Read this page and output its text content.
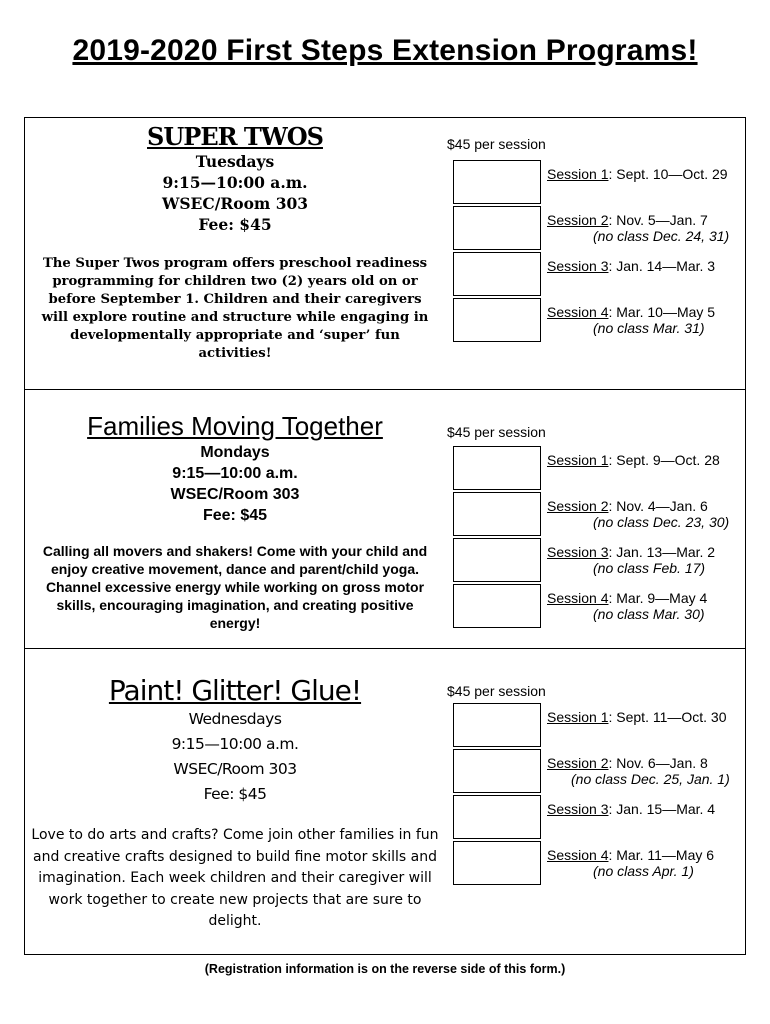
2019-2020 First Steps Extension Programs!
SUPER TWOS
Tuesdays
9:15—10:00 a.m.
WSEC/Room 303
Fee: $45
The Super Twos program offers preschool readiness programming for children two (2) years old on or before September 1. Children and their caregivers will explore routine and structure while engaging in developmentally appropriate and ‘super’ fun activities!
$45 per session
Session 1: Sept. 10—Oct. 29
Session 2: Nov. 5—Jan. 7
(no class Dec. 24, 31)
Session 3: Jan. 14—Mar. 3
Session 4: Mar. 10—May 5
(no class Mar. 31)
Families Moving Together
Mondays
9:15—10:00 a.m.
WSEC/Room 303
Fee: $45
Calling all movers and shakers! Come with your child and enjoy creative movement, dance and parent/child yoga. Channel excessive energy while working on gross motor skills, encouraging imagination, and creating positive energy!
$45 per session
Session 1: Sept. 9—Oct. 28
Session 2: Nov. 4—Jan. 6
(no class Dec. 23, 30)
Session 3: Jan. 13—Mar. 2
(no class Feb. 17)
Session 4: Mar. 9—May 4
(no class Mar. 30)
Paint! Glitter! Glue!
Wednesdays
9:15—10:00 a.m.
WSEC/Room 303
Fee: $45
Love to do arts and crafts? Come join other families in fun and creative crafts designed to build fine motor skills and imagination. Each week children and their caregiver will work together to create new projects that are sure to delight.
$45 per session
Session 1: Sept. 11—Oct. 30
Session 2: Nov. 6—Jan. 8
(no class Dec. 25, Jan. 1)
Session 3: Jan. 15—Mar. 4
Session 4: Mar. 11—May 6
(no class Apr. 1)
(Registration information is on the reverse side of this form.)
